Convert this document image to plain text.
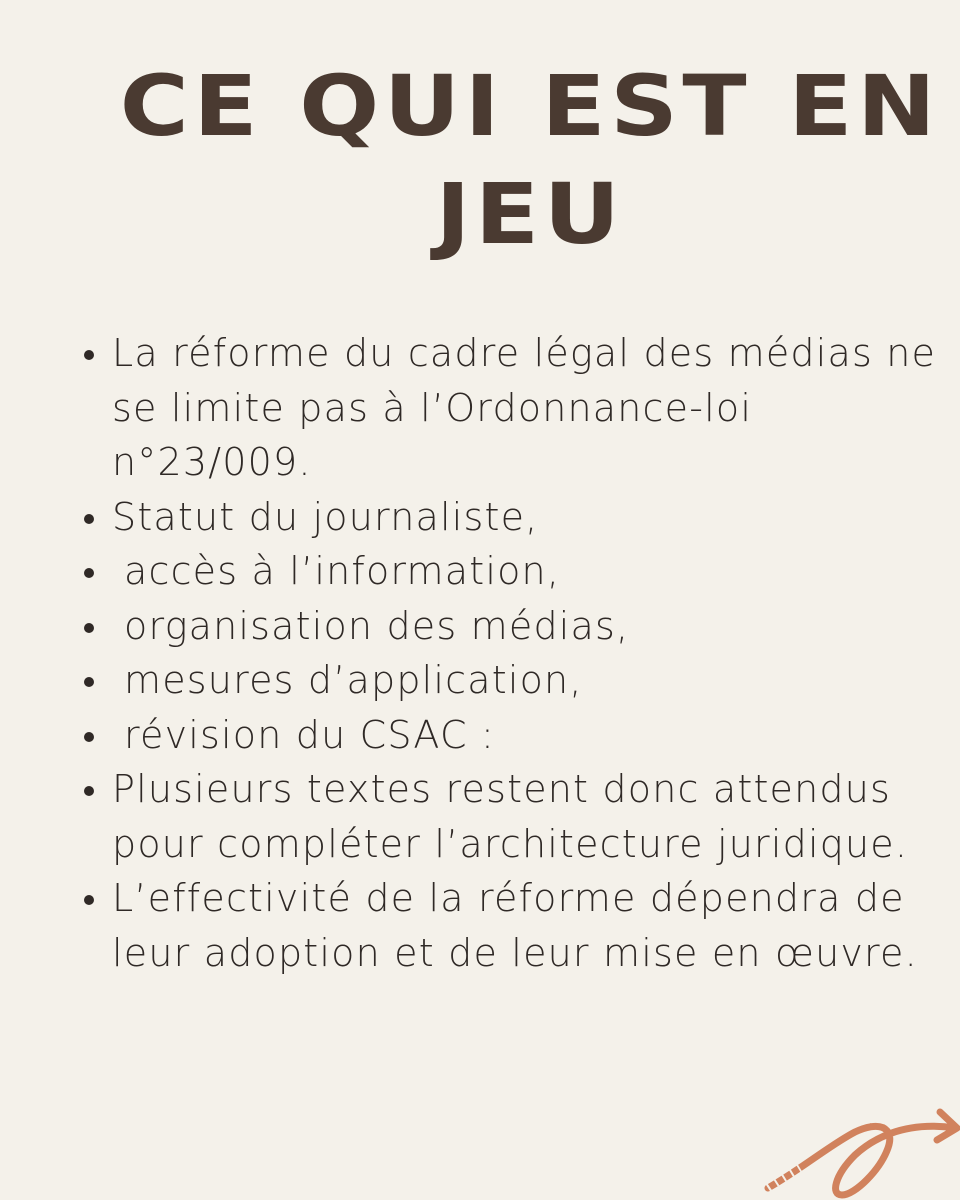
CE QUI EST EN
JEU
La réforme du cadre légal des médias ne se limite pas à l’Ordonnance-loi n°23/009.
Statut du journaliste,
accès à l’information,
organisation des médias,
mesures d’application,
révision du CSAC :
Plusieurs textes restent donc attendus pour compléter l’architecture juridique.
L’effectivité de la réforme dépendra de leur adoption et de leur mise en œuvre.
